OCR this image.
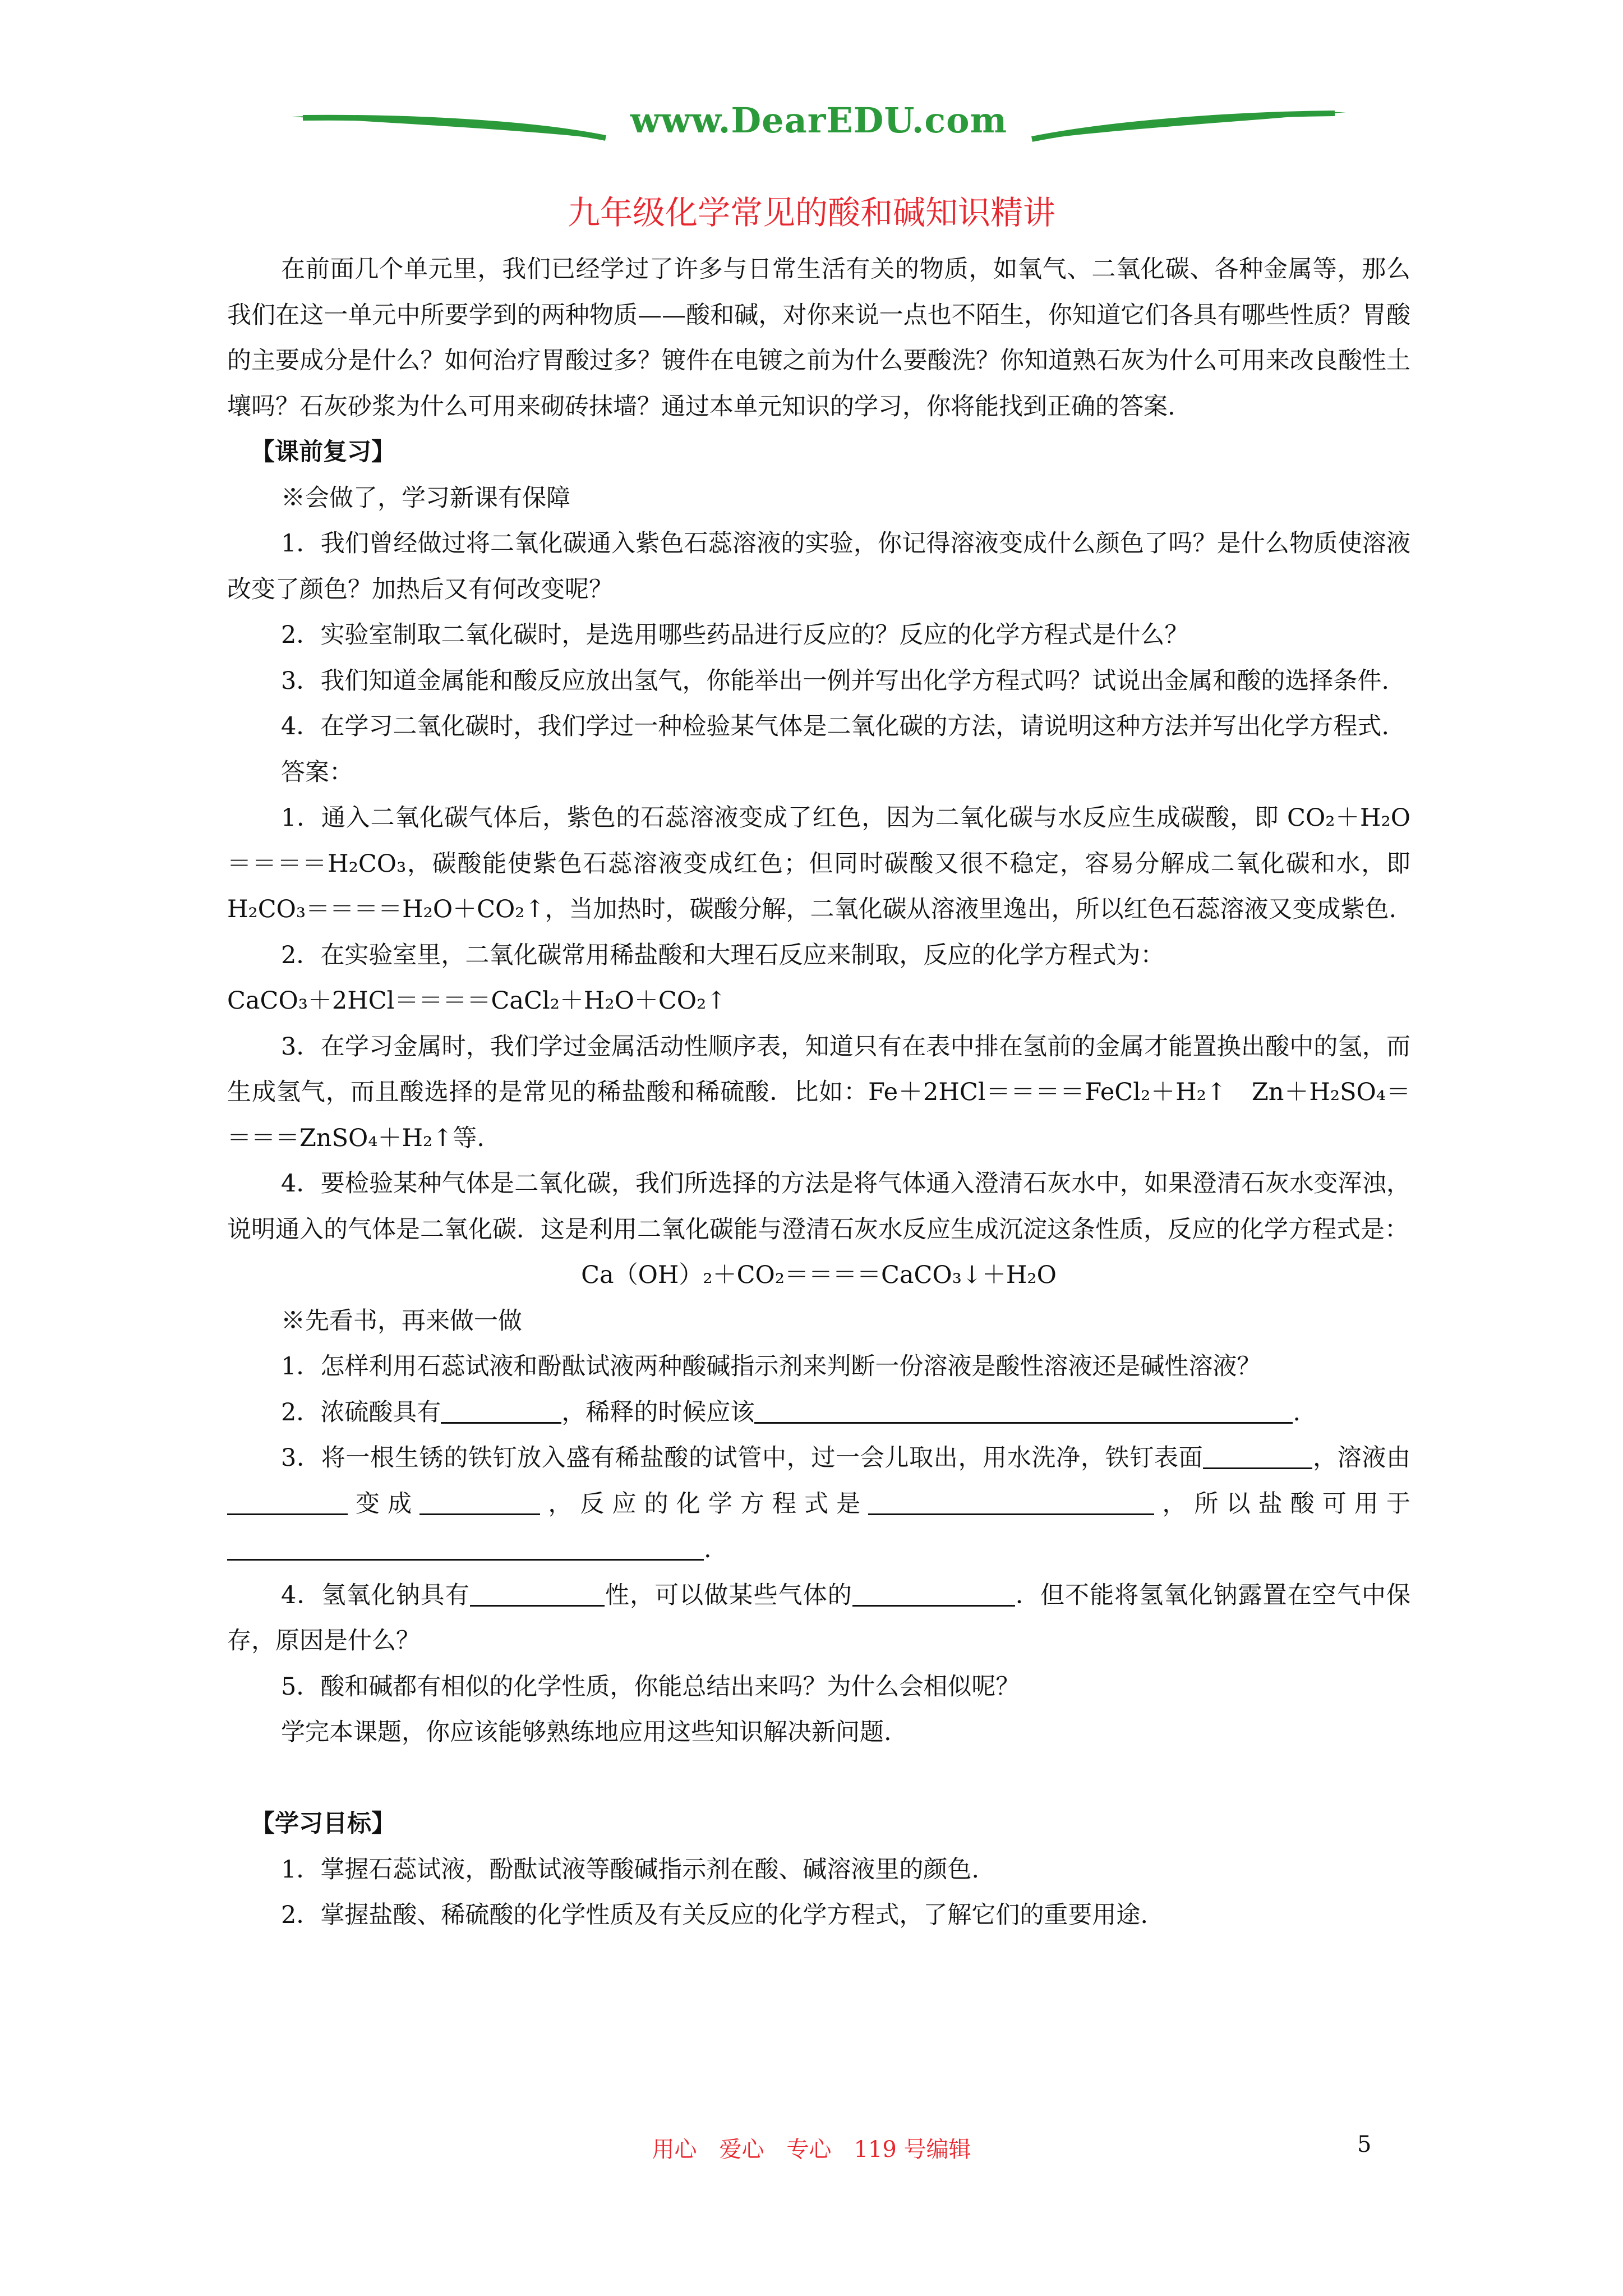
www.DearEDU.com
九年级化学常见的酸和碱知识精讲

在前面几个单元里，我们已经学过了许多与日常生活有关的物质，如氧气、二氧化碳、各种金属等，那么我们在这一单元中所要学到的两种物质——酸和碱，对你来说一点也不陌生，你知道它们各具有哪些性质？胃酸的主要成分是什么？如何治疗胃酸过多？镀件在电镀之前为什么要酸洗？你知道熟石灰为什么可用来改良酸性土壤吗？石灰砂浆为什么可用来砌砖抹墙？通过本单元知识的学习，你将能找到正确的答案.

【课前复习】

※会做了，学习新课有保障

1．我们曾经做过将二氧化碳通入紫色石蕊溶液的实验，你记得溶液变成什么颜色了吗？是什么物质使溶液改变了颜色？加热后又有何改变呢？

2．实验室制取二氧化碳时，是选用哪些药品进行反应的？反应的化学方程式是什么？

3．我们知道金属能和酸反应放出氢气，你能举出一例并写出化学方程式吗？试说出金属和酸的选择条件.

4．在学习二氧化碳时，我们学过一种检验某气体是二氧化碳的方法，请说明这种方法并写出化学方程式.

答案：

1．通入二氧化碳气体后，紫色的石蕊溶液变成了红色，因为二氧化碳与水反应生成碳酸，即 CO₂＋H₂O＝＝＝＝H₂CO₃，碳酸能使紫色石蕊溶液变成红色；但同时碳酸又很不稳定，容易分解成二氧化碳和水，即 H₂CO₃＝＝＝＝H₂O＋CO₂↑，当加热时，碳酸分解，二氧化碳从溶液里逸出，所以红色石蕊溶液又变成紫色.

2．在实验室里，二氧化碳常用稀盐酸和大理石反应来制取，反应的化学方程式为：

CaCO₃＋2HCl＝＝＝＝CaCl₂＋H₂O＋CO₂↑

3．在学习金属时，我们学过金属活动性顺序表，知道只有在表中排在氢前的金属才能置换出酸中的氢，而生成氢气，而且酸选择的是常见的稀盐酸和稀硫酸．比如：Fe＋2HCl＝＝＝＝FeCl₂＋H₂↑　Zn＋H₂SO₄＝＝＝＝ZnSO₄＋H₂↑等.

4．要检验某种气体是二氧化碳，我们所选择的方法是将气体通入澄清石灰水中，如果澄清石灰水变浑浊，说明通入的气体是二氧化碳．这是利用二氧化碳能与澄清石灰水反应生成沉淀这条性质，反应的化学方程式是：

Ca（OH）₂＋CO₂＝＝＝＝CaCO₃↓＋H₂O

※先看书，再来做一做

1．怎样利用石蕊试液和酚酞试液两种酸碱指示剂来判断一份溶液是酸性溶液还是碱性溶液？

2．浓硫酸具有	，稀释的时候应该	.

3．将一根生锈的铁钉放入盛有稀盐酸的试管中，过一会儿取出，用水洗净，铁钉表面	，溶液由变成	，反应的化学方程式是	，所以盐酸可用于.

4．氢氧化钠具有	性，可以做某些气体的	．但不能将氢氧化钠露置在空气中保存，原因是什么？

5．酸和碱都有相似的化学性质，你能总结出来吗？为什么会相似呢？

学完本课题，你应该能够熟练地应用这些知识解决新问题.

【学习目标】

1．掌握石蕊试液，酚酞试液等酸碱指示剂在酸、碱溶液里的颜色.

2．掌握盐酸、稀硫酸的化学性质及有关反应的化学方程式，了解它们的重要用途.

用心　爱心　专心　119 号编辑	5
